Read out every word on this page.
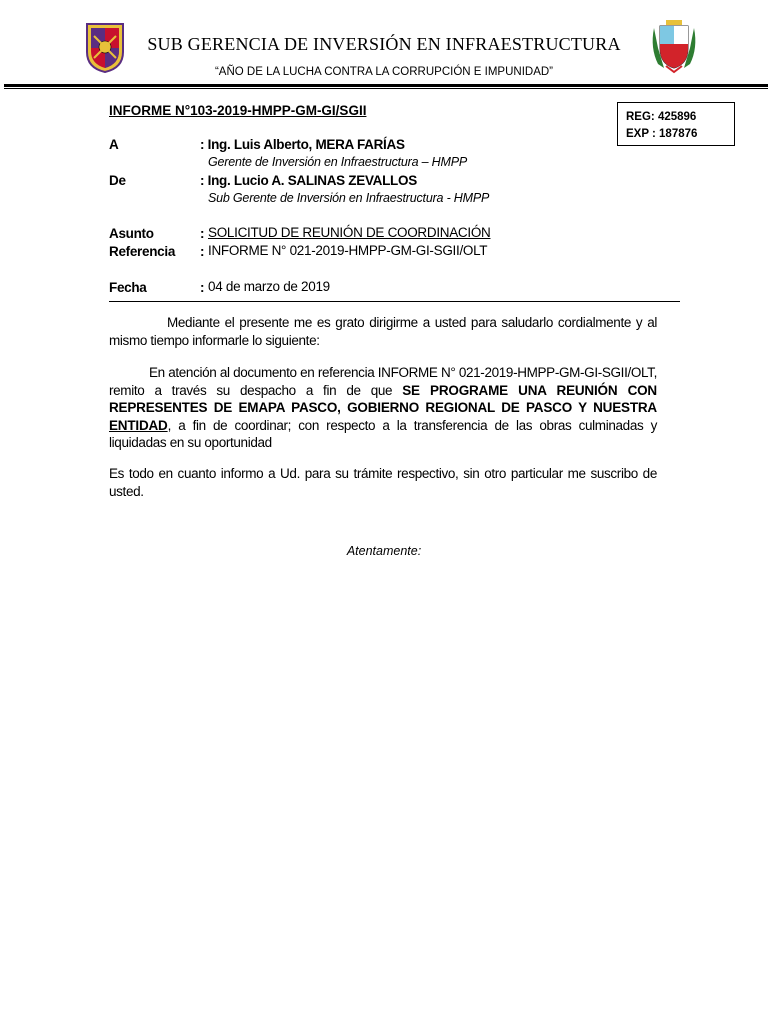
SUB GERENCIA DE INVERSIÓN EN INFRAESTRUCTURA
“AÑO DE LA LUCHA CONTRA LA CORRUPCIÓN E IMPUNIDAD”
REG: 425896
EXP : 187876
INFORME N°103-2019-HMPP-GM-GI/SGII
A	: Ing. Luis Alberto, MERA FARÍAS
Gerente de Inversión en Infraestructura – HMPP
De	: Ing. Lucio A. SALINAS ZEVALLOS
Sub Gerente de Inversión en Infraestructura - HMPP
Asunto	: SOLICITUD DE REUNIÓN DE COORDINACIÓN
Referencia : INFORME N° 021-2019-HMPP-GM-GI-SGII/OLT
Fecha	: 04 de marzo de 2019

Mediante el presente me es grato dirigirme a usted para saludarlo cordialmente y al mismo tiempo informarle lo siguiente:

En atención al documento en referencia INFORME N° 021-2019-HMPP-GM-GI-SGII/OLT, remito a través su despacho a fin de que SE PROGRAME UNA REUNIÓN CON REPRESENTES DE EMAPA PASCO, GOBIERNO REGIONAL DE PASCO Y NUESTRA ENTIDAD, a fin de coordinar; con respecto a la transferencia de las obras culminadas y liquidadas en su oportunidad

Es todo en cuanto informo a Ud. para su trámite respectivo, sin otro particular me suscribo de usted.

Atentamente:
